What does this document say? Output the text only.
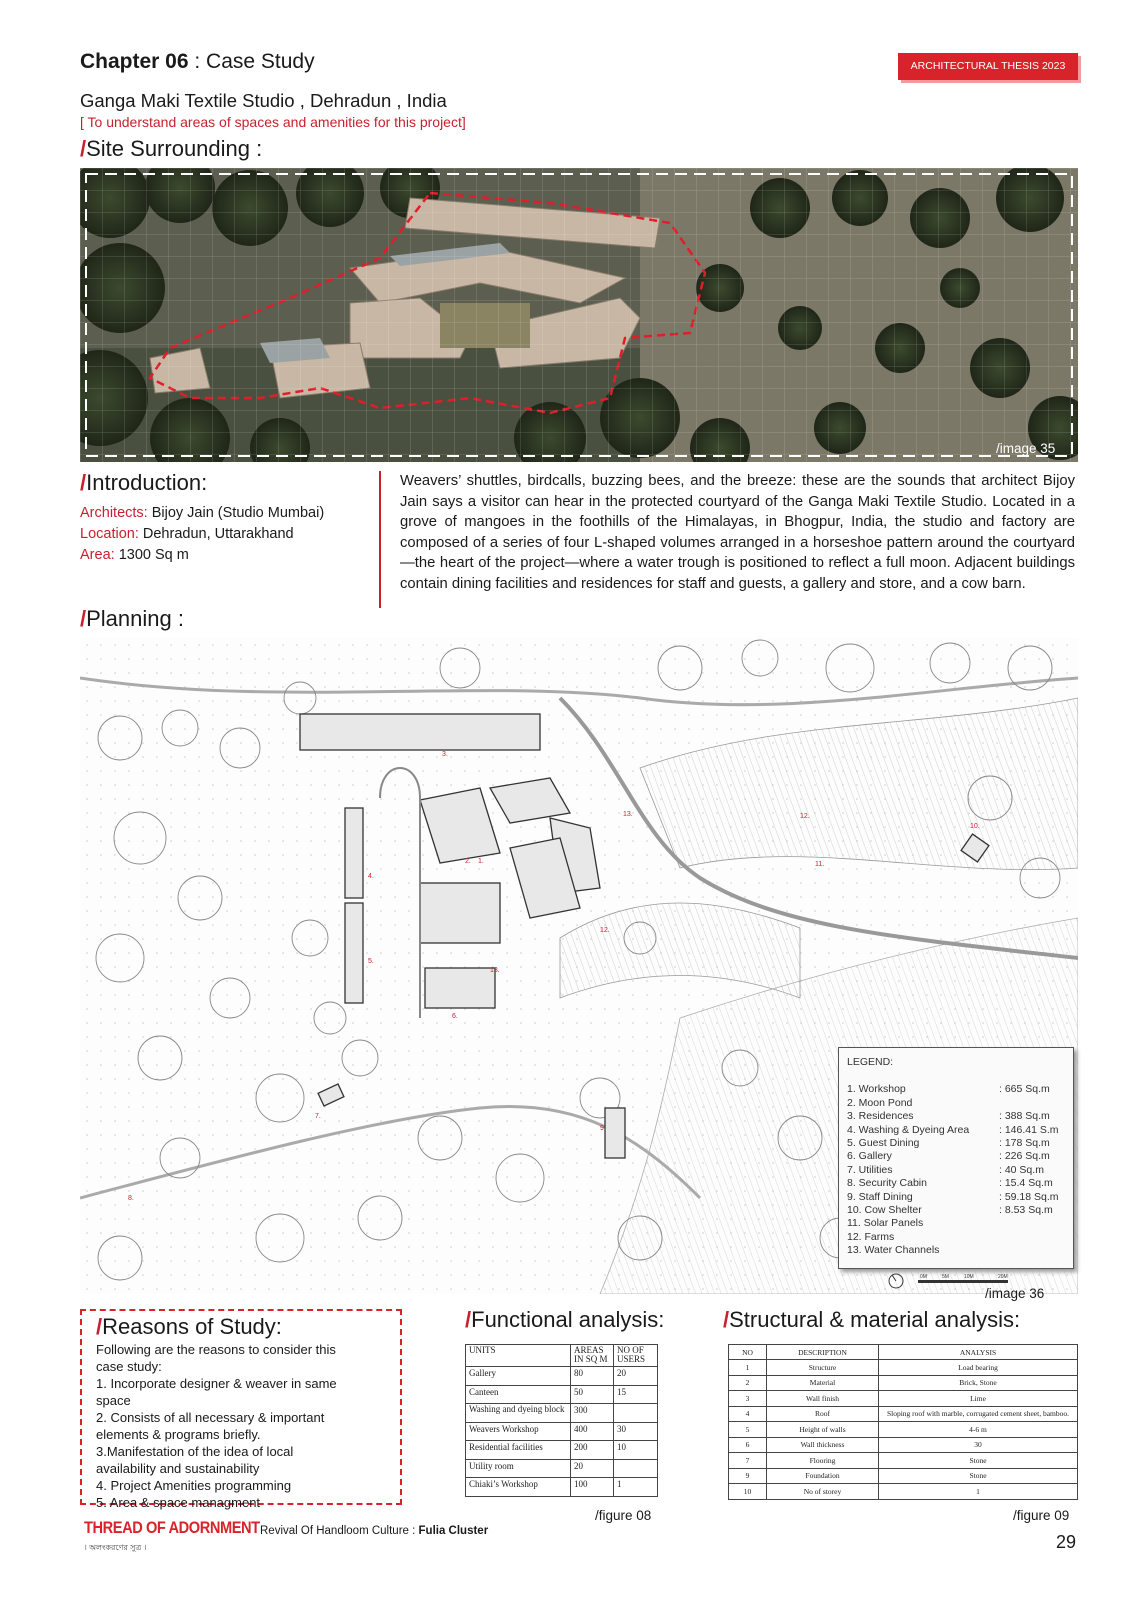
Chapter 06 : Case Study	ARCHITECTURAL THESIS 2023
Ganga Maki Textile Studio , Dehradun , India
[ To understand areas of spaces and amenities for this project]
/Site Surrounding :
/image 35
/Introduction:
Architects: Bijoy Jain (Studio Mumbai)
Location: Dehradun, Uttarakhand
Area: 1300 Sq m
Weavers’ shuttles, birdcalls, buzzing bees, and the breeze: these are the sounds that architect Bijoy Jain says a visitor can hear in the protected courtyard of the Ganga Maki Textile Studio. Located in a grove of mangoes in the foothills of the Himalayas, in Bhogpur, India, the studio and factory are composed of a series of four L-shaped volumes arranged in a horseshoe pattern around the courtyard—the heart of the project—where a water trough is positioned to reflect a full moon. Adjacent buildings contain dining facilities and residences for staff and guests, a gallery and store, and a cow barn.
/Planning :
1.
2.
3.
4.
5.
6.
7.
8.
9.
10.
11.
12.
12.
13.
13.
0M	5M	10M	20M
LEGEND:
1. Workshop	: 665 Sq.m
2. Moon Pond
3. Residences	: 388 Sq.m
4. Washing & Dyeing Area	: 146.41 S.m
5. Guest Dining	: 178 Sq.m
6. Gallery	: 226 Sq.m
7. Utilities	: 40 Sq.m
8. Security Cabin	: 15.4 Sq.m
9. Staff Dining	: 59.18 Sq.m
10. Cow Shelter	: 8.53 Sq.m
11. Solar Panels
12. Farms
13. Water Channels
/image 36
/Reasons of Study:
Following are the reasons to consider this
case study:
1. Incorporate designer & weaver in same
space
2. Consists of all necessary & important
elements & programs briefly.
3.Manifestation of the idea of local
availability and sustainability
4. Project Amenities programming
5. Area & space managment
/Functional analysis:
UNITS	AREAS IN SQ M	NO OF USERS
Gallery	80	20
Canteen	50	15
Washing and dyeing block	300	
Weavers Workshop	400	30
Residential facilities	200	10
Utility room	20	
Chiaki’s Workshop	100	1
/figure 08
/Structural & material analysis:
NO	DESCRIPTION	ANALYSIS
1	Structure	Load bearing
2	Material	Brick, Stone
3	Wall finish	Lime
4	Roof	Sloping roof with marble, corrugated cement sheet, bamboo.
5	Height of walls	4-6 m
6	Wall thickness	30
7	Flooring	Stone
9	Foundation	Stone
10	No of storey	1
/figure 09
THREAD OF ADORNMENT
। অলংকরণের সুত্র ।
Revival Of Handloom Culture : Fulia Cluster
29
